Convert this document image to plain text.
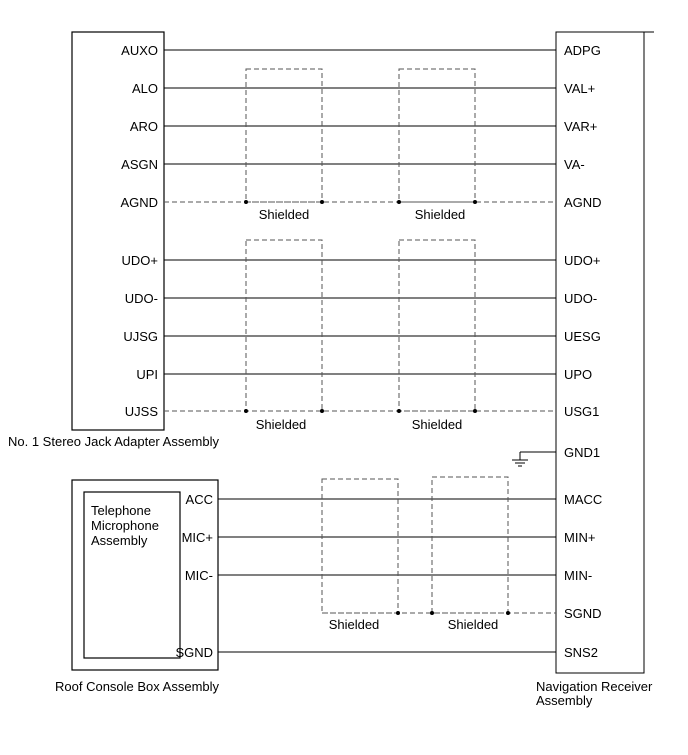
AUXO
ALO
ARO
ASGN
AGND
UDO+
UDO-
UJSG
UPI
UJSS
ACC
MIC+
MIC-
SGND
ADPG
VAL+
VAR+
VA-
AGND
UDO+
UDO-
UESG
UPO
USG1
GND1
MACC
MIN+
MIN-
SGND
SNS2
Shielded	Shielded
Shielded	Shielded
Shielded	Shielded
No. 1 Stereo Jack Adapter Assembly
Roof Console Box Assembly
Telephone
Microphone
Assembly
Navigation Receiver
Assembly
